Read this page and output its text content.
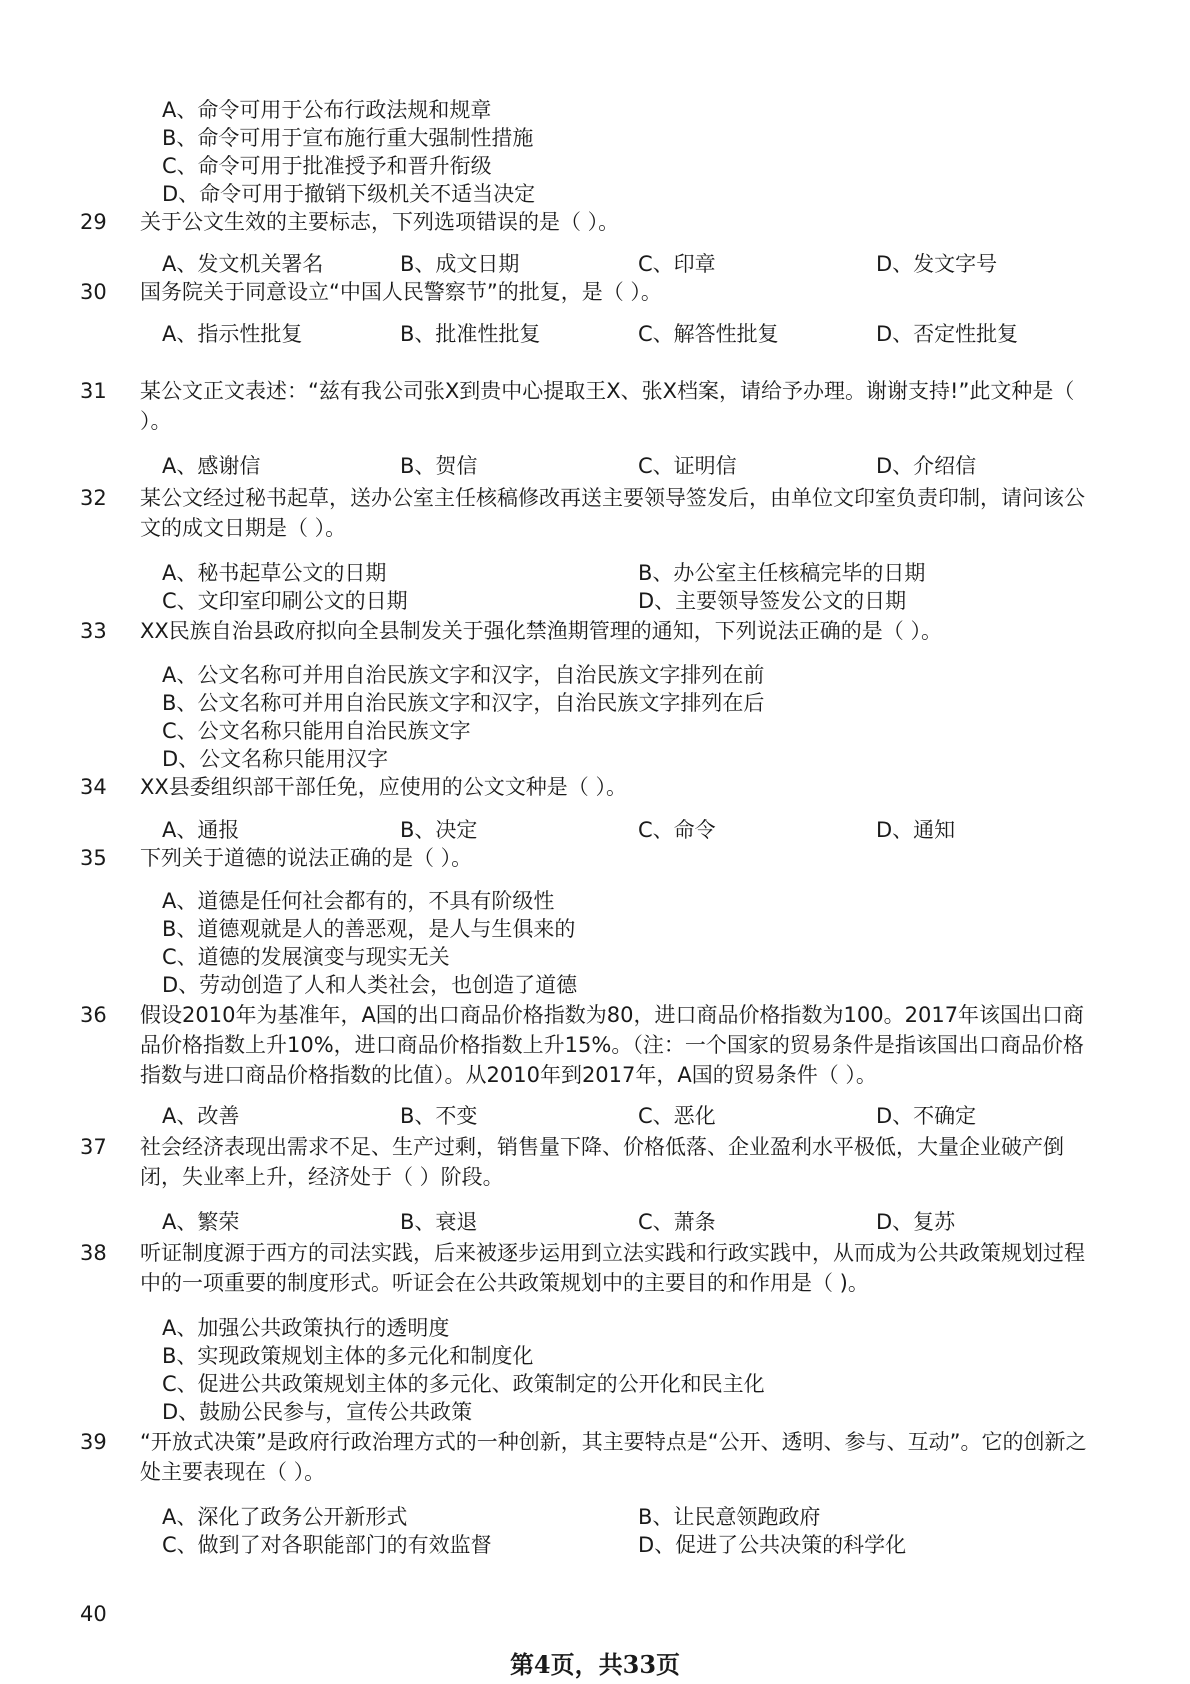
A、命令可用于公布行政法规和规章
B、命令可用于宣布施行重大强制性措施
C、命令可用于批准授予和晋升衔级
D、命令可用于撤销下级机关不适当决定
29	关于公文生效的主要标志，下列选项错误的是（ ）。
A、发文机关署名	B、成文日期	C、印章	D、发文字号
30	国务院关于同意设立“中国人民警察节”的批复，是（ ）。
A、指示性批复	B、批准性批复	C、解答性批复	D、否定性批复
31	某公文正文表述：“兹有我公司张X到贵中心提取王X、张X档案，请给予办理。谢谢支持!”此文种是（ ）。
A、感谢信	B、贺信	C、证明信	D、介绍信
32	某公文经过秘书起草，送办公室主任核稿修改再送主要领导签发后，由单位文印室负责印制，请问该公文的成文日期是（ ）。
A、秘书起草公文的日期	B、办公室主任核稿完毕的日期
C、文印室印刷公文的日期	D、主要领导签发公文的日期
33	XX民族自治县政府拟向全县制发关于强化禁渔期管理的通知，下列说法正确的是（ ）。
A、公文名称可并用自治民族文字和汉字，自治民族文字排列在前
B、公文名称可并用自治民族文字和汉字，自治民族文字排列在后
C、公文名称只能用自治民族文字
D、公文名称只能用汉字
34	XX县委组织部干部任免，应使用的公文文种是（ ）。
A、通报	B、决定	C、命令	D、通知
35	下列关于道德的说法正确的是（ ）。
A、道德是任何社会都有的，不具有阶级性
B、道德观就是人的善恶观，是人与生俱来的
C、道德的发展演变与现实无关
D、劳动创造了人和人类社会，也创造了道德
36	假设2010年为基准年，A国的出口商品价格指数为80，进口商品价格指数为100。2017年该国出口商品价格指数上升10%，进口商品价格指数上升15%。（注：一个国家的贸易条件是指该国出口商品价格指数与进口商品价格指数的比值）。从2010年到2017年，A国的贸易条件（ ）。
A、改善	B、不变	C、恶化	D、不确定
37	社会经济表现出需求不足、生产过剩，销售量下降、价格低落、企业盈利水平极低，大量企业破产倒闭，失业率上升，经济处于（ ）阶段。
A、繁荣	B、衰退	C、萧条	D、复苏
38	听证制度源于西方的司法实践，后来被逐步运用到立法实践和行政实践中，从而成为公共政策规划过程中的一项重要的制度形式。听证会在公共政策规划中的主要目的和作用是（ )。
A、加强公共政策执行的透明度
B、实现政策规划主体的多元化和制度化
C、促进公共政策规划主体的多元化、政策制定的公开化和民主化
D、鼓励公民参与，宣传公共政策
39	“开放式决策”是政府行政治理方式的一种创新，其主要特点是“公开、透明、参与、互动”。它的创新之处主要表现在（ ）。
A、深化了政务公开新形式	B、让民意领跑政府
C、做到了对各职能部门的有效监督	D、促进了公共决策的科学化
40
第4页，共33页
